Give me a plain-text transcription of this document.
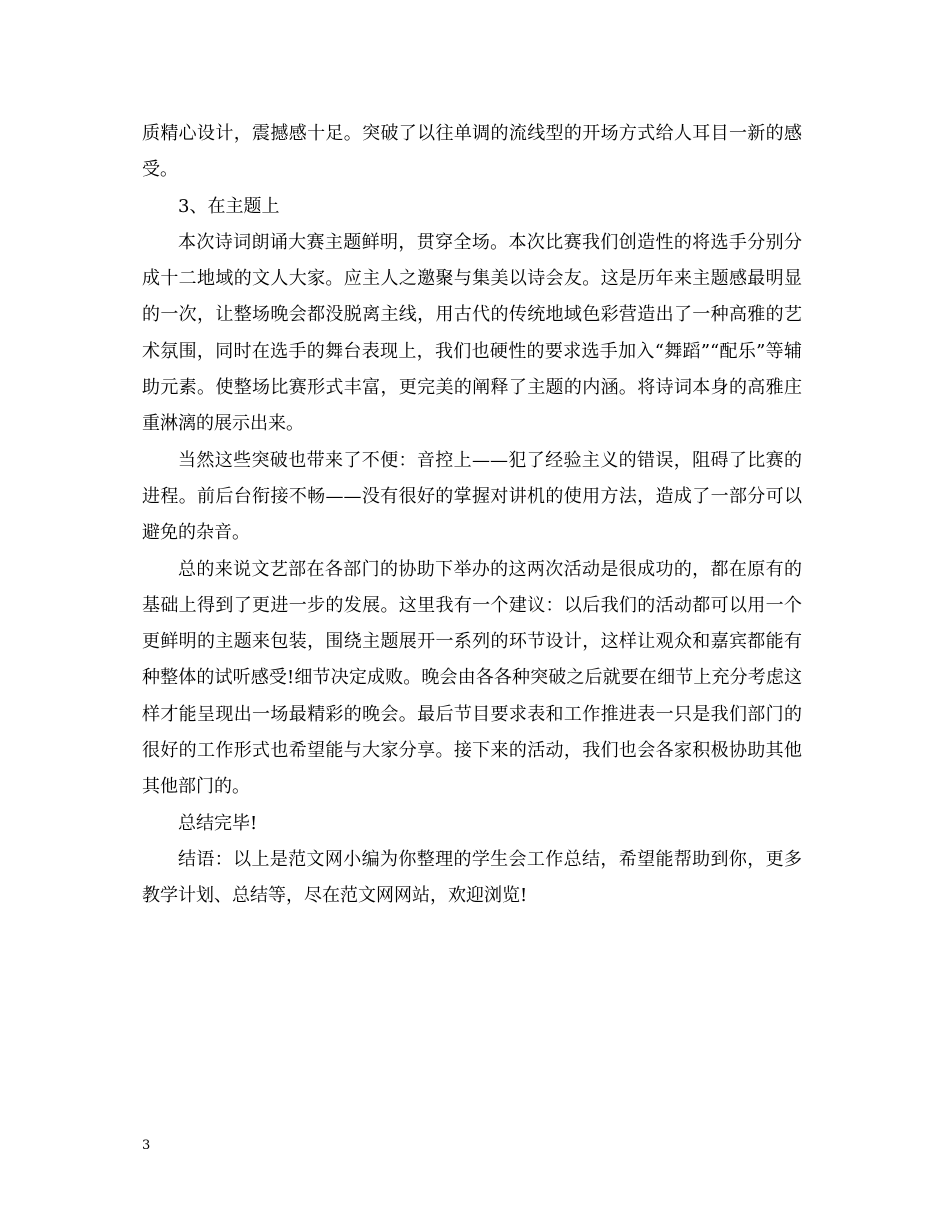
质精心设计，震撼感十足。突破了以往单调的流线型的开场方式给人耳目一新的感受。

3、在主题上

本次诗词朗诵大赛主题鲜明，贯穿全场。本次比赛我们创造性的将选手分别分成十二地域的文人大家。应主人之邀聚与集美以诗会友。这是历年来主题感最明显的一次，让整场晚会都没脱离主线，用古代的传统地域色彩营造出了一种高雅的艺术氛围，同时在选手的舞台表现上，我们也硬性的要求选手加入“舞蹈”“配乐”等辅助元素。使整场比赛形式丰富，更完美的阐释了主题的内涵。将诗词本身的高雅庄重淋漓的展示出来。

当然这些突破也带来了不便：音控上——犯了经验主义的错误，阻碍了比赛的进程。前后台衔接不畅——没有很好的掌握对讲机的使用方法，造成了一部分可以避免的杂音。

总的来说文艺部在各部门的协助下举办的这两次活动是很成功的，都在原有的基础上得到了更进一步的发展。这里我有一个建议：以后我们的活动都可以用一个更鲜明的主题来包装，围绕主题展开一系列的环节设计，这样让观众和嘉宾都能有种整体的试听感受!细节决定成败。晚会由各各种突破之后就要在细节上充分考虑这样才能呈现出一场最精彩的晚会。最后节目要求表和工作推进表一只是我们部门的很好的工作形式也希望能与大家分享。接下来的活动，我们也会各家积极协助其他其他部门的。

总结完毕!

结语：以上是范文网小编为你整理的学生会工作总结，希望能帮助到你，更多教学计划、总结等，尽在范文网网站，欢迎浏览!

3
